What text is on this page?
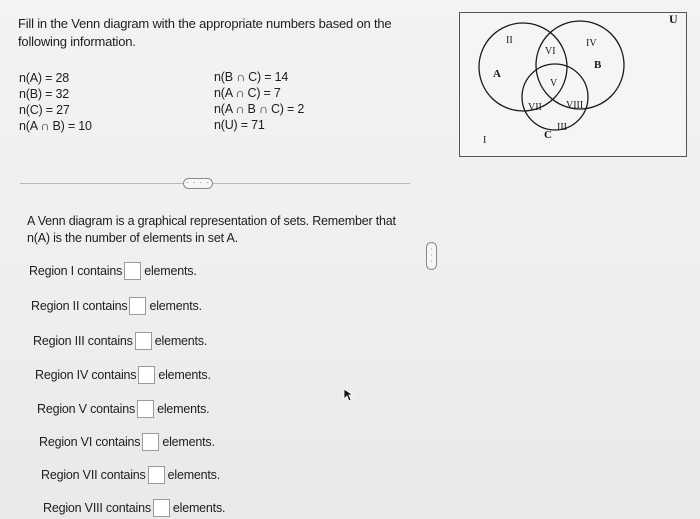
Fill in the Venn diagram with the appropriate numbers based on the following information.
n(A) = 28
n(B) = 32
n(C) = 27
n(A ∩ B) = 10
n(B ∩ C) = 14
n(A ∩ C) = 7
n(A ∩ B ∩ C) = 2
n(U) = 71
U
A
B
C
I
II
III
IV
V
VI
VII VIII
· · · ·
·
·
·
A Venn diagram is a graphical representation of sets. Remember that n(A) is the number of elements in set A.
Region I contains elements.
Region II contains elements.
Region III contains elements.
Region IV contains elements.
Region V contains elements.
Region VI contains elements.
Region VII contains elements.
Region VIII contains elements.
